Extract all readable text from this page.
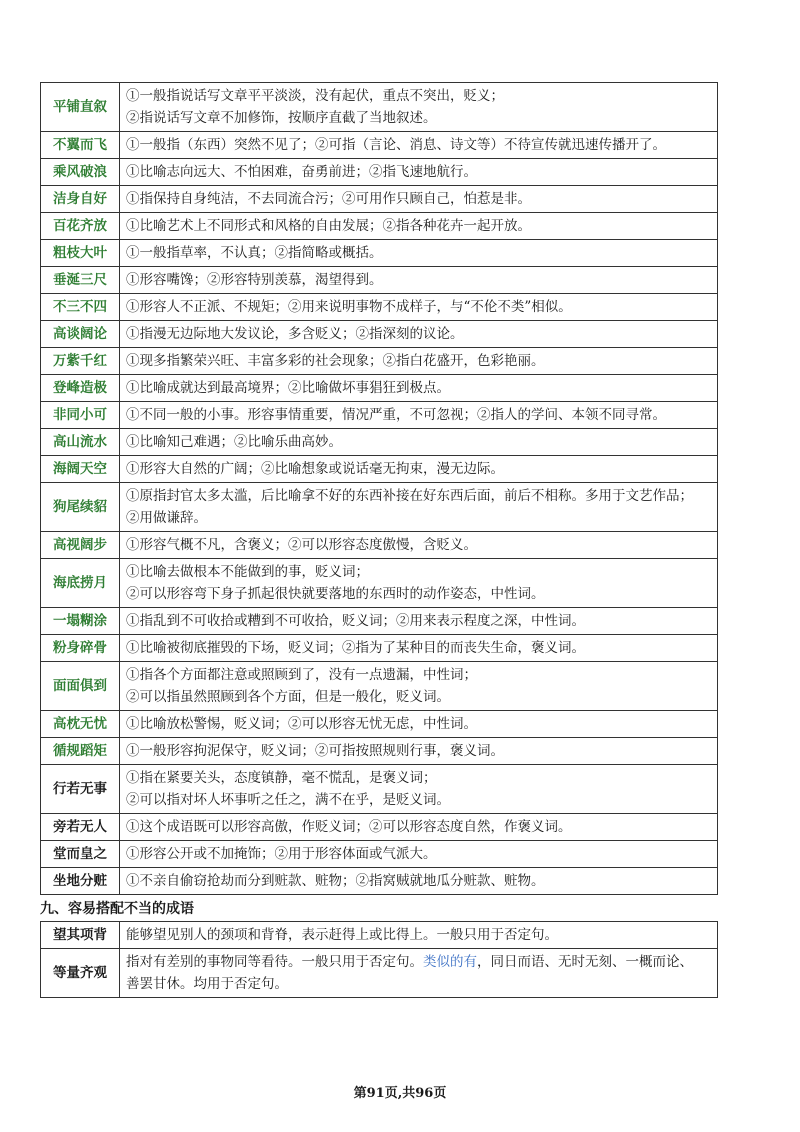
平铺直叙	①一般指说话写文章平平淡淡，没有起伏，重点不突出，贬义；
②指说话写文章不加修饰，按顺序直截了当地叙述。

不翼而飞	①一般指（东西）突然不见了；②可指（言论、消息、诗文等）不待宣传就迅速传播开了。

乘风破浪	①比喻志向远大、不怕困难，奋勇前进；②指飞速地航行。

洁身自好	①指保持自身纯洁，不去同流合污；②可用作只顾自己，怕惹是非。

百花齐放	①比喻艺术上不同形式和风格的自由发展；②指各种花卉一起开放。

粗枝大叶	①一般指草率，不认真；②指简略或概括。

垂涎三尺	①形容嘴馋；②形容特别羡慕，渴望得到。

不三不四	①形容人不正派、不规矩；②用来说明事物不成样子，与“不伦不类”相似。

高谈阔论	①指漫无边际地大发议论，多含贬义；②指深刻的议论。

万紫千红	①现多指繁荣兴旺、丰富多彩的社会现象；②指白花盛开，色彩艳丽。

登峰造极	①比喻成就达到最高境界；②比喻做坏事猖狂到极点。

非同小可	①不同一般的小事。形容事情重要，情况严重，不可忽视；②指人的学问、本领不同寻常。

高山流水	①比喻知己难遇；②比喻乐曲高妙。

海阔天空	①形容大自然的广阔；②比喻想象或说话毫无拘束，漫无边际。

狗尾续貂	①原指封官太多太滥，后比喻拿不好的东西补接在好东西后面，前后不相称。多用于文艺作品；
②用做谦辞。

高视阔步	①形容气概不凡，含褒义；②可以形容态度傲慢，含贬义。

海底捞月	①比喻去做根本不能做到的事，贬义词；
②可以形容弯下身子抓起很快就要落地的东西时的动作姿态，中性词。

一塌糊涂	①指乱到不可收拾或糟到不可收拾，贬义词；②用来表示程度之深，中性词。

粉身碎骨	①比喻被彻底摧毁的下场，贬义词；②指为了某种目的而丧失生命，褒义词。

面面俱到	①指各个方面都注意或照顾到了，没有一点遗漏，中性词；
②可以指虽然照顾到各个方面，但是一般化，贬义词。

高枕无忧	①比喻放松警惕，贬义词；②可以形容无忧无虑，中性词。

循规蹈矩	①一般形容拘泥保守，贬义词；②可指按照规则行事，褒义词。

行若无事	①指在紧要关头，态度镇静，毫不慌乱，是褒义词；
②可以指对坏人坏事听之任之，满不在乎，是贬义词。

旁若无人	①这个成语既可以形容高傲，作贬义词；②可以形容态度自然，作褒义词。

堂而皇之	①形容公开或不加掩饰；②用于形容体面或气派大。

坐地分赃	①不亲自偷窃抢劫而分到赃款、赃物；②指窝贼就地瓜分赃款、赃物。
九、容易搭配不当的成语
望其项背	能够望见别人的颈项和背脊，表示赶得上或比得上。一般只用于否定句。

等量齐观	指对有差别的事物同等看待。一般只用于否定句。类似的有，同日而语、无时无刻、一概而论、
善罢甘休。均用于否定句。
第91页,共96页
